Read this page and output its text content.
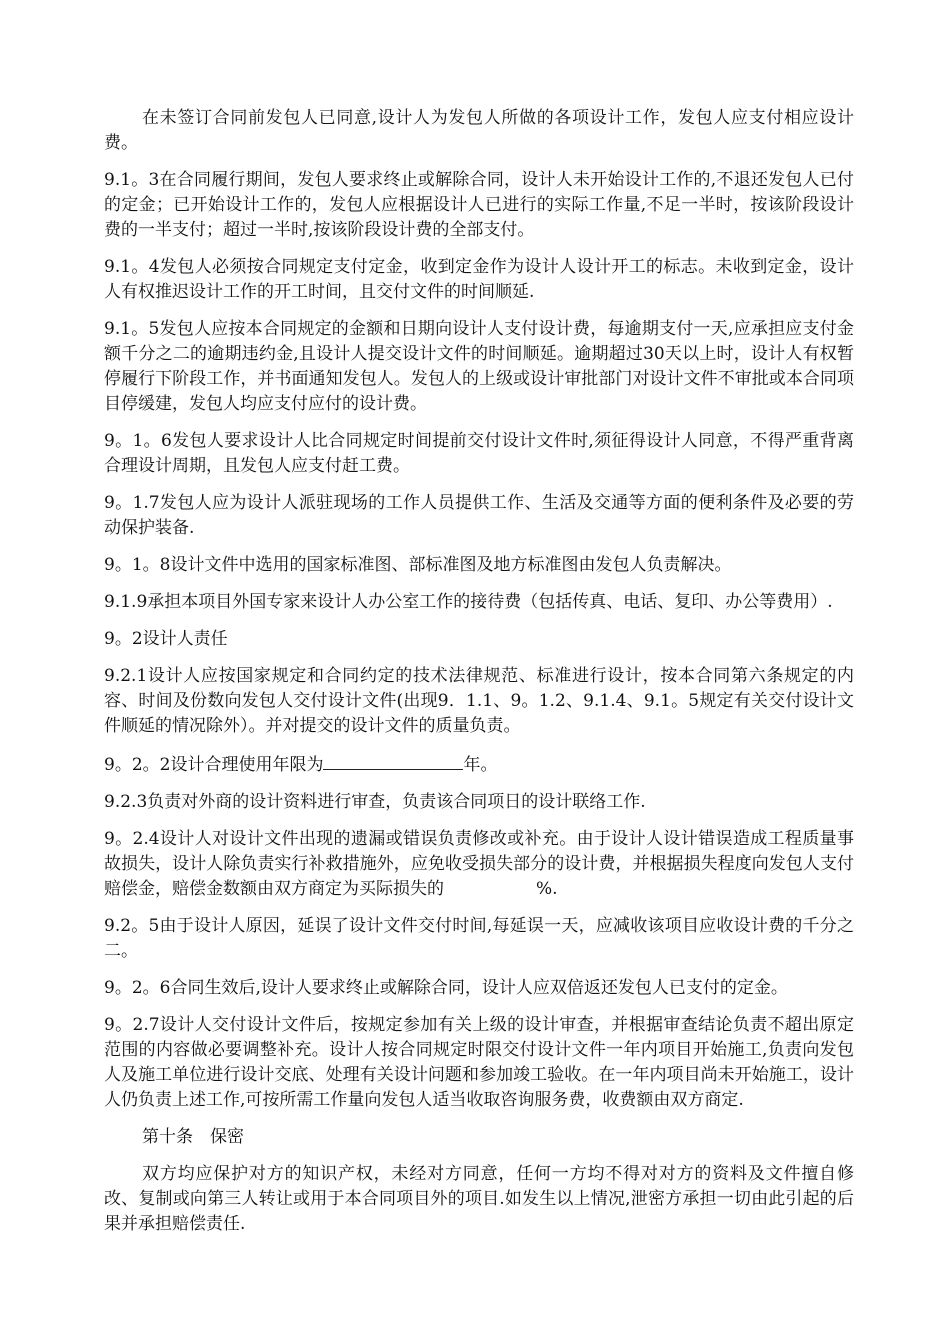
在未签订合同前发包人已同意,设计人为发包人所做的各项设计工作，发包人应支付相应设计费。

9.1。3在合同履行期间，发包人要求终止或解除合同，设计人未开始设计工作的,不退还发包人已付的定金；已开始设计工作的，发包人应根据设计人已进行的实际工作量,不足一半时，按该阶段设计费的一半支付；超过一半时,按该阶段设计费的全部支付。

9.1。4发包人必须按合同规定支付定金，收到定金作为设计人设计开工的标志。未收到定金，设计人有权推迟设计工作的开工时间，且交付文件的时间顺延.

9.1。5发包人应按本合同规定的金额和日期向设计人支付设计费，每逾期支付一天,应承担应支付金额千分之二的逾期违约金,且设计人提交设计文件的时间顺延。逾期超过30天以上时，设计人有权暂停履行下阶段工作，并书面通知发包人。发包人的上级或设计审批部门对设计文件不审批或本合同项目停缓建，发包人均应支付应付的设计费。

9。1。6发包人要求设计人比合同规定时间提前交付设计文件时,须征得设计人同意，不得严重背离合理设计周期，且发包人应支付赶工费。

9。1.7发包人应为设计人派驻现场的工作人员提供工作、生活及交通等方面的便利条件及必要的劳动保护装备.

9。1。8设计文件中选用的国家标准图、部标准图及地方标准图由发包人负责解决。

9.1.9承担本项目外国专家来设计人办公室工作的接待费（包括传真、电话、复印、办公等费用）.

9。2设计人责任

9.2.1设计人应按国家规定和合同约定的技术法律规范、标准进行设计，按本合同第六条规定的内容、时间及份数向发包人交付设计文件(出现9．1.1、9。1.2、9.1.4、9.1。5规定有关交付设计文件顺延的情况除外）。并对提交的设计文件的质量负责。

9。2。2设计合理使用年限为	年。

9.2.3负责对外商的设计资料进行审查，负责该合同项日的设计联络工作.

9。2.4设计人对设计文件出现的遗漏或错误负责修改或补充。由于设计人设计错误造成工程质量事故损失，设计人除负责实行补救措施外，应免收受损失部分的设计费，并根据损失程度向发包人支付赔偿金，赔偿金数额由双方商定为买际损失的	%.

9.2。5由于设计人原因，延误了设计文件交付时间,每延误一天，应减收该项目应收设计费的千分之二。

9。2。6合同生效后,设计人要求终止或解除合同，设计人应双倍返还发包人已支付的定金。

9。2.7设计人交付设计文件后，按规定参加有关上级的设计审查，并根据审查结论负责不超出原定范围的内容做必要调整补充。设计人按合同规定时限交付设计文件一年内项目开始施工,负责向发包人及施工单位进行设计交底、处理有关设计问题和参加竣工验收。在一年内项目尚未开始施工，设计人仍负责上述工作,可按所需工作量向发包人适当收取咨询服务费，收费额由双方商定.

第十条　保密

双方均应保护对方的知识产权，未经对方同意，任何一方均不得对对方的资料及文件擅自修改、复制或向第三人转让或用于本合同项目外的项目.如发生以上情况,泄密方承担一切由此引起的后果并承担赔偿责任.
